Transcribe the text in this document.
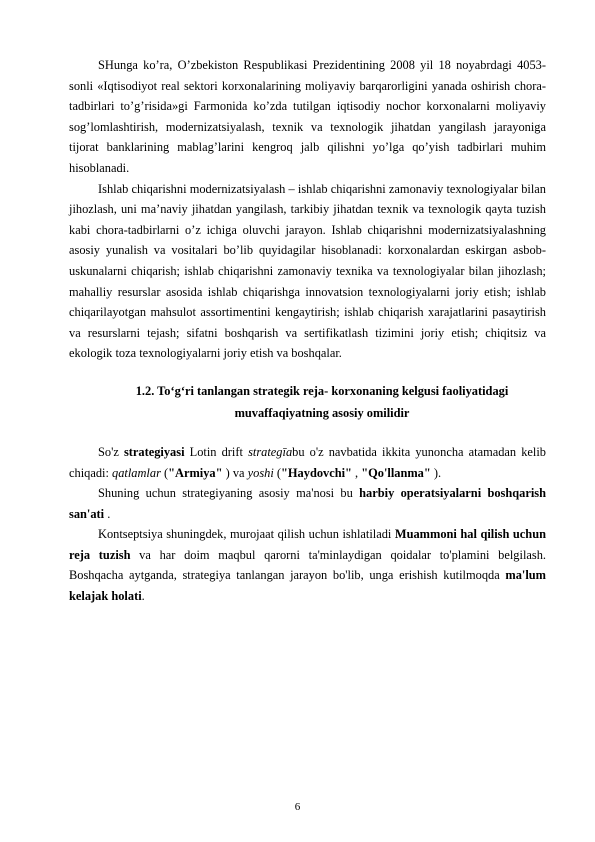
SHunga ko’ra, O’zbekiston Respublikasi Prezidentining 2008 yil 18 noyabrdagi 4053-sonli «Iqtisodiyot real sektori korxonalarining moliyaviy barqarorligini yanada oshirish chora-tadbirlari to’g’risida»gi Farmonida ko’zda tutilgan iqtisodiy nochor korxonalarni moliyaviy sog’lomlashtirish, modernizatsiyalash, texnik va texnologik jihatdan yangilash jarayoniga tijorat banklarining mablag’larini kengroq jalb qilishni yo’lga qo’yish tadbirlari muhim hisoblanadi.

Ishlab chiqarishni modernizatsiyalash – ishlab chiqarishni zamonaviy texnologiyalar bilan jihozlash, uni ma’naviy jihatdan yangilash, tarkibiy jihatdan texnik va texnologik qayta tuzish kabi chora-tadbirlarni o’z ichiga oluvchi jarayon. Ishlab chiqarishni modernizatsiyalashning asosiy yunalish va vositalari bo’lib quyidagilar hisoblanadi: korxonalardan eskirgan asbob-uskunalarni chiqarish; ishlab chiqarishni zamonaviy texnika va texnologiyalar bilan jihozlash; mahalliy resurslar asosida ishlab chiqarishga innovatsion texnologiyalarni joriy etish; ishlab chiqarilayotgan mahsulot assortimentini kengaytirish; ishlab chiqarish xarajatlarini pasaytirish va resurslarni tejash; sifatni boshqarish va sertifikatlash tizimini joriy etish; chiqitsiz va ekologik toza texnologiyalarni joriy etish va boshqalar.

1.2. To‘g‘ri tanlangan strategik reja- korxonaning kelgusi faoliyatidagi
muvaffaqiyatning asosiy omilidir

So'z strategiyasi Lotin drift strategīabu o'z navbatida ikkita yunoncha atamadan kelib chiqadi: qatlamlar ("Armiya" ) va yoshi ("Haydovchi" , "Qo'llanma" ).

Shuning uchun strategiyaning asosiy ma'nosi bu harbiy operatsiyalarni boshqarish san'ati .

Kontseptsiya shuningdek, murojaat qilish uchun ishlatiladi Muammoni hal qilish uchun reja tuzish va har doim maqbul qarorni ta'minlaydigan qoidalar to'plamini belgilash. Boshqacha aytganda, strategiya tanlangan jarayon bo'lib, unga erishish kutilmoqda ma'lum kelajak holati.

6
